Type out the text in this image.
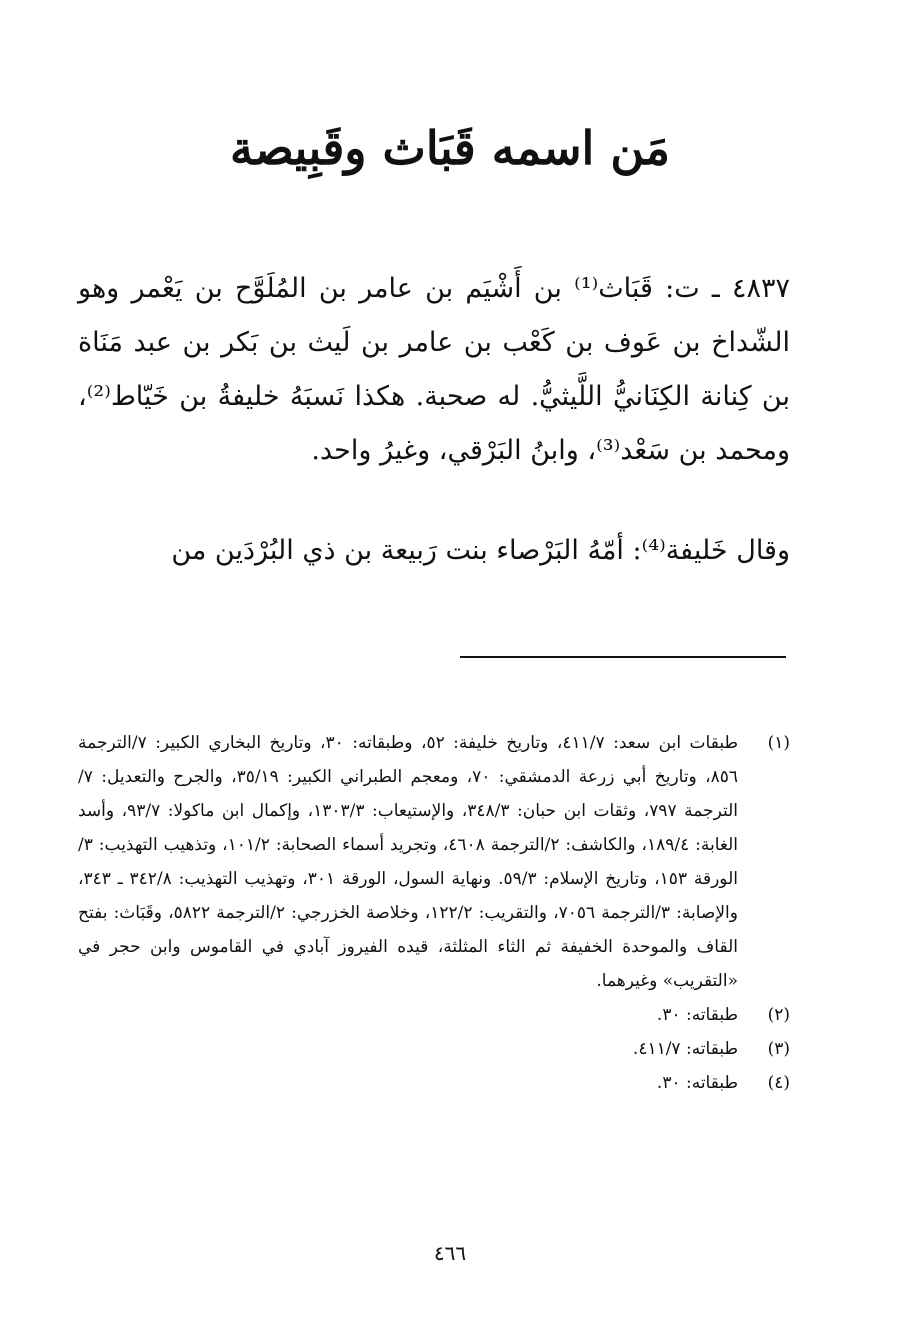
مَن اسمه قَبَاث وقَبِيصة

٤٨٣٧ ـ ت: قَبَاث⁽¹⁾ بن أَشْيَم بن عامر بن المُلَوَّح بن يَعْمر وهو الشّداخ بن عَوف بن كَعْب بن عامر بن لَيث بن بَكر بن عبد مَنَاة بن كِنانة الكِنَانيُّ اللَّيثيُّ. له صحبة. هكذا نَسبَهُ خليفةُ بن خَيّاط⁽²⁾، ومحمد بن سَعْد⁽³⁾، وابنُ البَرْقي، وغيرُ واحد.

وقال خَليفة⁽⁴⁾: أمّهُ البَرْصاء بنت رَبيعة بن ذي البُرْدَين من

(١)
طبقات ابن سعد: ٤١١/٧، وتاريخ خليفة: ٥٢، وطبقاته: ٣٠، وتاريخ البخاري الكبير: ٧/الترجمة ٨٥٦، وتاريخ أبي زرعة الدمشقي: ٧٠، ومعجم الطبراني الكبير: ٣٥/١٩، والجرح والتعديل: ٧/الترجمة ٧٩٧، وثقات ابن حبان: ٣٤٨/٣، والإستيعاب: ١٣٠٣/٣، وإكمال ابن ماكولا: ٩٣/٧، وأسد الغابة: ١٨٩/٤، والكاشف: ٢/الترجمة ٤٦٠٨، وتجريد أسماء الصحابة: ١٠١/٢، وتذهيب التهذيب: ٣/الورقة ١٥٣، وتاريخ الإسلام: ٥٩/٣. ونهاية السول، الورقة ٣٠١، وتهذيب التهذيب: ٣٤٢/٨ ـ ٣٤٣، والإصابة: ٣/الترجمة ٧٠٥٦، والتقريب: ١٢٢/٢، وخلاصة الخزرجي: ٢/الترجمة ٥٨٢٢، وقَبَاث: بفتح القاف والموحدة الخفيفة ثم الثاء المثلثة، قيده الفيروز آبادي في القاموس وابن حجر في «التقريب» وغيرهما.
(٢)
طبقاته: ٣٠.
(٣)
طبقاته: ٤١١/٧.
(٤)
طبقاته: ٣٠.
٤٦٦
